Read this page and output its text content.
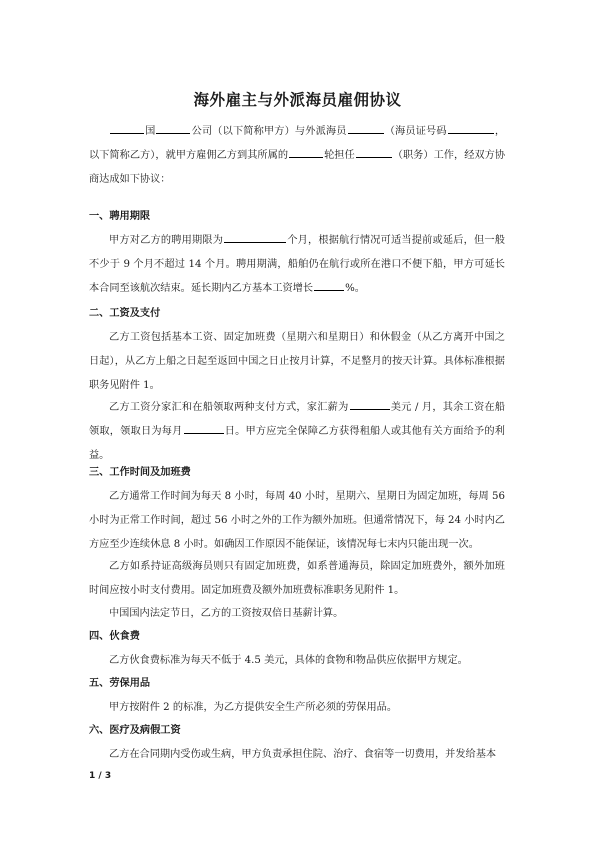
海外雇主与外派海员雇佣协议
国	公司（以下简称甲方）与外派海员	（海员证号码	，以下简称乙方），就甲方雇佣乙方到其所属的	轮担任	（职务）工作，经双方协商达成如下协议：
一、聘用期限
甲方对乙方的聘用期限为	个月，根据航行情况可适当提前或延后，但一般不少于 9 个月不超过 14 个月。聘用期满，船舶仍在航行或所在港口不便下船，甲方可延长本合同至该航次结束。延长期内乙方基本工资增长	%。
二、工资及支付
乙方工资包括基本工资、固定加班费（星期六和星期日）和休假金（从乙方离开中国之日起），从乙方上船之日起至返回中国之日止按月计算，不足整月的按天计算。具体标准根据职务见附件 1。
乙方工资分家汇和在船领取两种支付方式，家汇薪为	美元 / 月，其余工资在船领取，领取日为每月	日。甲方应完全保障乙方获得租船人或其他有关方面给予的利益。
三、工作时间及加班费
乙方通常工作时间为每天 8 小时，每周 40 小时，星期六、星期日为固定加班，每周 56 小时为正常工作时间，超过 56 小时之外的工作为额外加班。但通常情况下，每 24 小时内乙方应至少连续休息 8 小时。如确因工作原因不能保证，该情况每七末内只能出现一次。
乙方如系持证高级海员则只有固定加班费，如系普通海员，除固定加班费外，额外加班时间应按小时支付费用。固定加班费及额外加班费标准职务见附件 1。
中国国内法定节日，乙方的工资按双倍日基薪计算。
四、伙食费
乙方伙食费标准为每天不低于 4.5 美元，具体的食物和物品供应依据甲方规定。
五、劳保用品
甲方按附件 2 的标准，为乙方提供安全生产所必须的劳保用品。
六、医疗及病假工资
乙方在合同期内受伤或生病，甲方负责承担住院、治疗、食宿等一切费用，并发给基本
1 / 3
